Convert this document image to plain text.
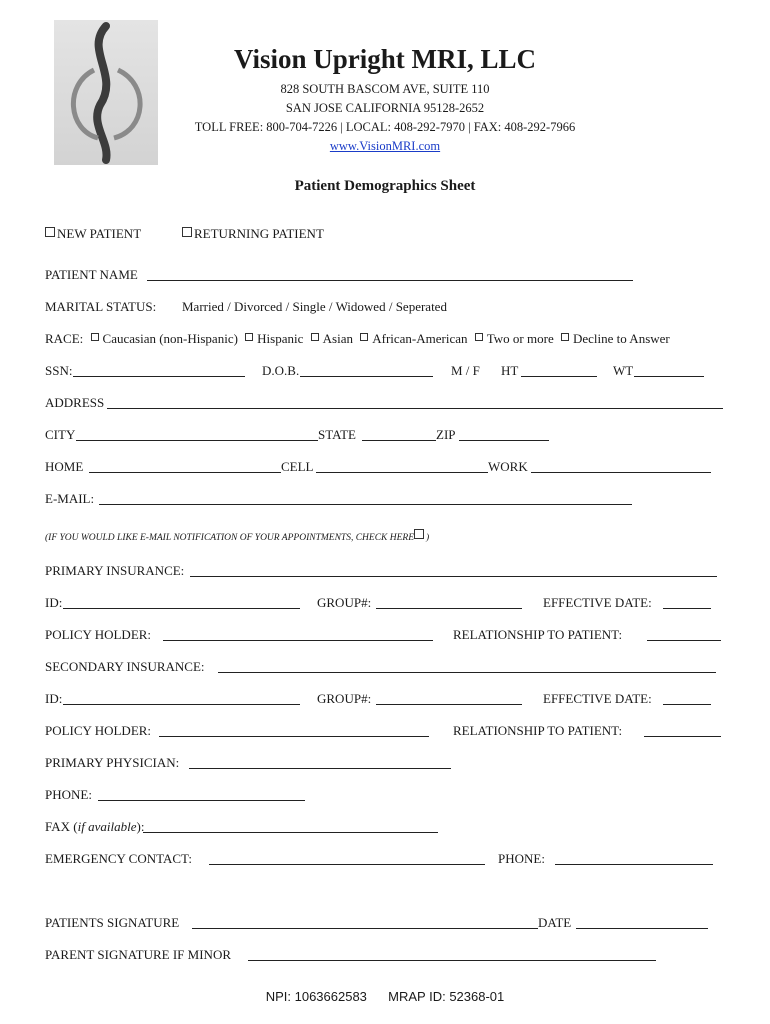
Vision Upright MRI, LLC
828 SOUTH BASCOM AVE, SUITE 110
SAN JOSE CALIFORNIA 95128-2652
TOLL FREE: 800-704-7226 | LOCAL: 408-292-7970 | FAX: 408-292-7966
www.VisionMRI.com
Patient Demographics Sheet
NEW PATIENT	RETURNING PATIENT
PATIENT NAME
MARITAL STATUS: Married / Divorced / Single / Widowed / Seperated
RACE: Caucasian (non-Hispanic) Hispanic Asian African-American Two or more Decline to Answer
SSN:	D.O.B.	M / F HT	WT
ADDRESS
CITY	STATE	ZIP
HOME	CELL	WORK
E-MAIL:
(IF YOU WOULD LIKE E-MAIL NOTIFICATION OF YOUR APPOINTMENTS, CHECK HERE )
PRIMARY INSURANCE:
ID:	GROUP#:	EFFECTIVE DATE:
POLICY HOLDER:	RELATIONSHIP TO PATIENT:
SECONDARY INSURANCE:
ID:	GROUP#:	EFFECTIVE DATE:
POLICY HOLDER:	RELATIONSHIP TO PATIENT:
PRIMARY PHYSICIAN:
PHONE:
FAX (if available):
EMERGENCY CONTACT:	PHONE:
PATIENTS SIGNATURE	DATE
PARENT SIGNATURE IF MINOR
NPI: 1063662583 MRAP ID: 52368-01
